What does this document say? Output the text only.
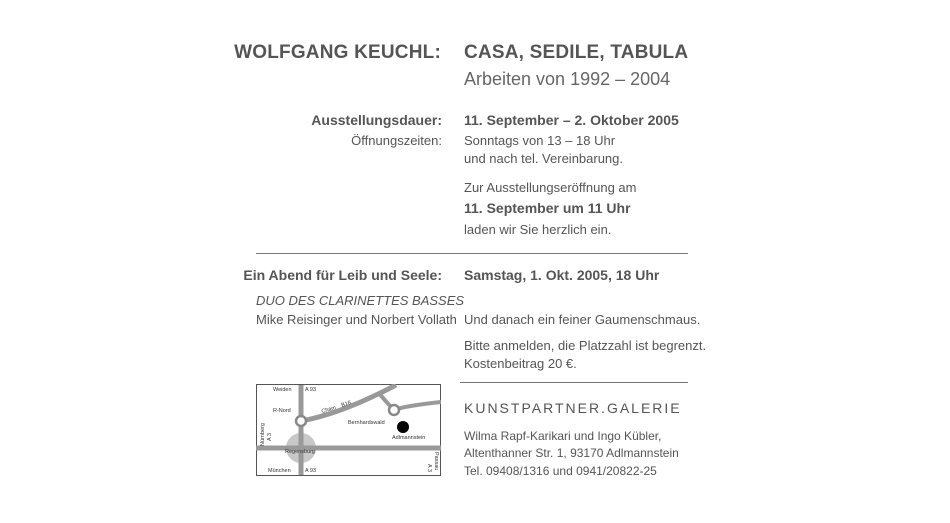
WOLFGANG KEUCHL: CASA, SEDILE, TABULA
Arbeiten von 1992 – 2004
Ausstellungsdauer: 11. September – 2. Oktober 2005
Öffnungszeiten: Sonntags von 13 – 18 Uhr
und nach tel. Vereinbarung.
Zur Ausstellungseröffnung am
11. September um 11 Uhr
laden wir Sie herzlich ein.
Ein Abend für Leib und Seele: Samstag, 1. Okt. 2005, 18 Uhr
DUO DES CLARINETTES BASSES
Mike Reisinger und Norbert Vollath Und danach ein feiner Gaumenschmaus.
Bitte anmelden, die Platzzahl ist begrenzt.
Kostenbeitrag 20 €.
Weiden A 93
Cham
B16
R-Nord
Bernhardswald
Adlmannstein
Nürnberg A 3
Regensburg
München	A 93	A 3 Passau
KUNSTPARTNER.GALERIE
Wilma Rapf-Karikari und Ingo Kübler,
Altenthanner Str. 1, 93170 Adlmannstein
Tel. 09408/1316 und 0941/20822-25
